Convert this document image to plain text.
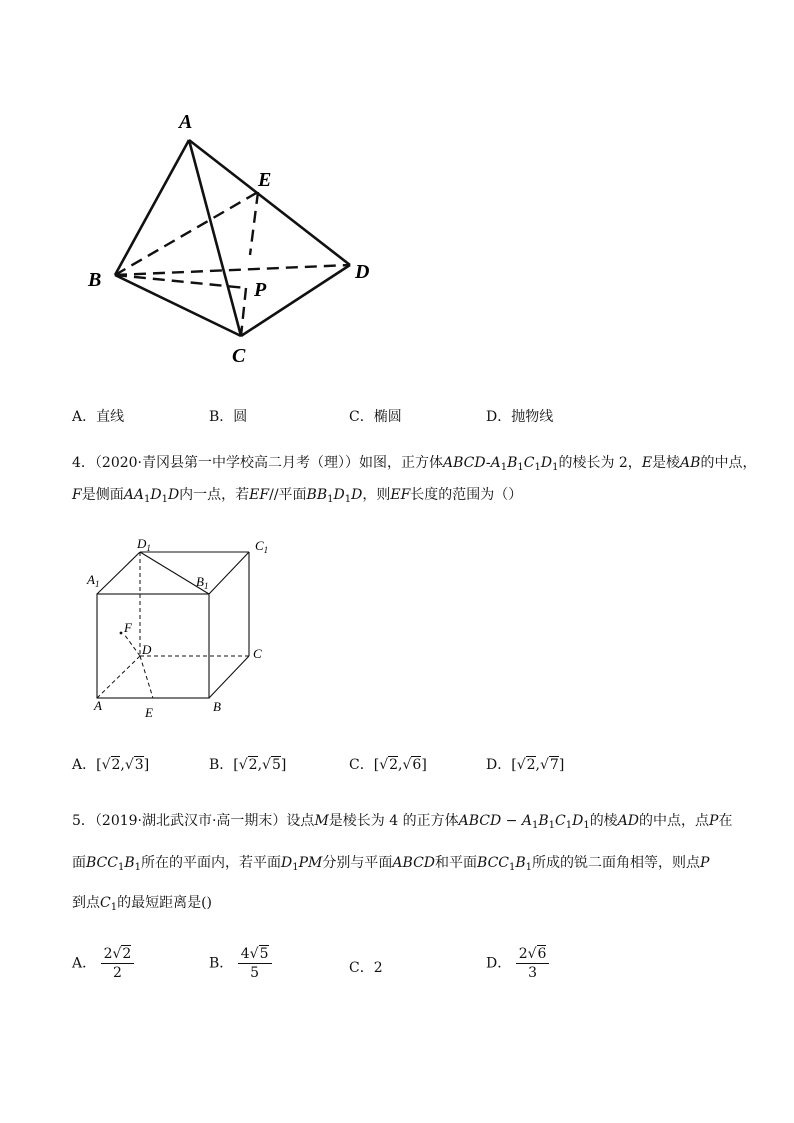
A
E
B	D
P
C
A．直线	B．圆	C．椭圆	D．抛物线
4．（2020·青冈县第一中学校高二月考（理））如图，正方体ABCD-$A_1B_1C_1D_1$的棱长为 2，E是棱AB的中点，
F是侧面$AA_1D_1D$内一点，若EF//平面$BB_1D_1D$，则EF长度的范围为（）
$D_1$	$C_1$
$A_1$	$B_1$
F
D	C
A	B
E
A．[√2,√3]	B．[√2,√5]	C．[√2,√6]	D．[√2,√7]
5．（2019·湖北武汉市·高一期末）设点M是棱长为 4 的正方体ABCD − $A_1B_1C_1D_1$的棱AD的中点，点P在
面$BCC_1B_1$所在的平面内，若平面$D_1PM$分别与平面ABCD和平面$BCC_1B_1$所成的锐二面角相等，则点P
到点$C_1$的最短距离是()
A． $\frac{2√2}{2}$	B． $\frac{4√5}{5}$	C．2	D． $\frac{2√6}{3}$
